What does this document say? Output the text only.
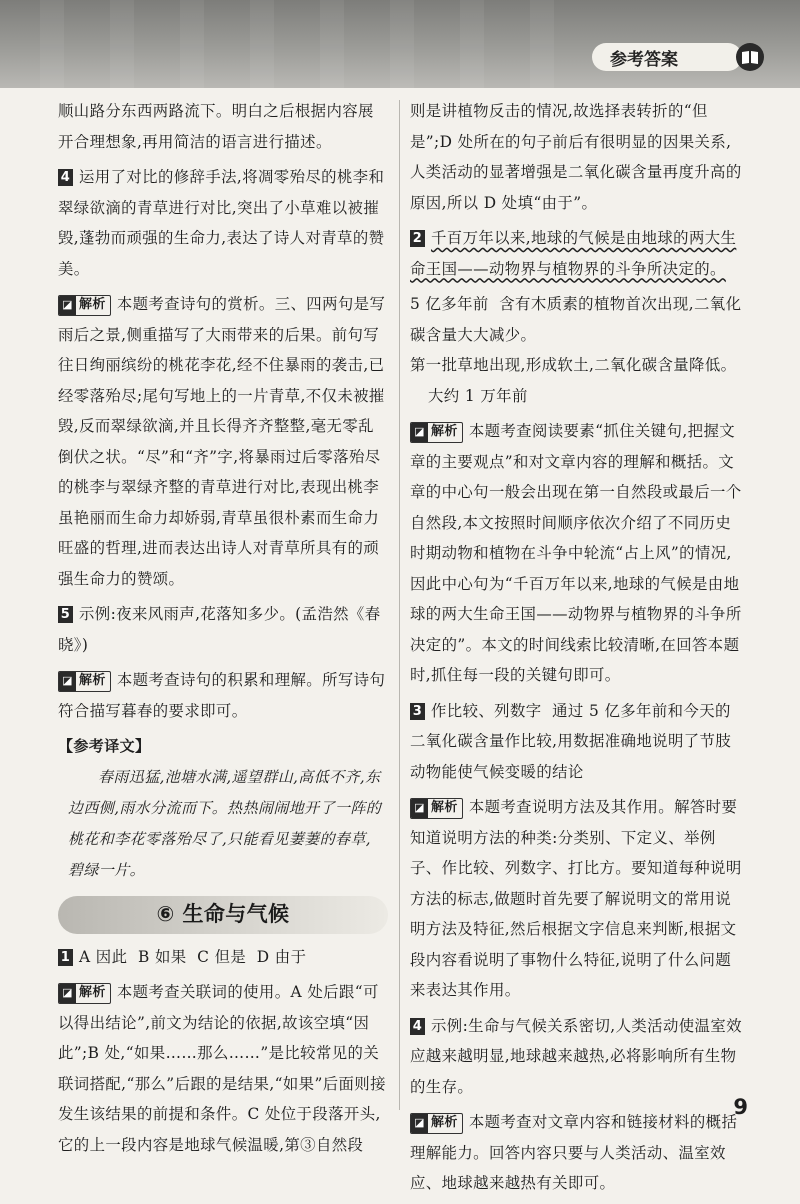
参考答案

顺山路分东西两路流下。明白之后根据内容展开合理想象,再用简洁的语言进行描述。

4 运用了对比的修辞手法,将凋零殆尽的桃李和翠绿欲滴的青草进行对比,突出了小草难以被摧毁,蓬勃而顽强的生命力,表达了诗人对青草的赞美。

◪ 解析 本题考查诗句的赏析。三、四两句是写雨后之景,侧重描写了大雨带来的后果。前句写往日绚丽缤纷的桃花李花,经不住暴雨的袭击,已经零落殆尽;尾句写地上的一片青草,不仅未被摧毁,反而翠绿欲滴,并且长得齐齐整整,毫无零乱倒伏之状。“尽”和“齐”字,将暴雨过后零落殆尽的桃李与翠绿齐整的青草进行对比,表现出桃李虽艳丽而生命力却娇弱,青草虽很朴素而生命力旺盛的哲理,进而表达出诗人对青草所具有的顽强生命力的赞颂。

5 示例:夜来风雨声,花落知多少。(孟浩然《春晓》)

◪ 解析 本题考查诗句的积累和理解。所写诗句符合描写暮春的要求即可。

【参考译文】

春雨迅猛,池塘水满,遥望群山,高低不齐,东边西侧,雨水分流而下。热热闹闹地开了一阵的桃花和李花零落殆尽了,只能看见萋萋的春草,碧绿一片。

⑥ 生命与气候

1 A 因此  B 如果  C 但是  D 由于

◪ 解析 本题考查关联词的使用。A 处后跟“可以得出结论”,前文为结论的依据,故该空填“因此”;B 处,“如果……那么……”是比较常见的关联词搭配,“那么”后跟的是结果,“如果”后面则接发生该结果的前提和条件。C 处位于段落开头,它的上一段内容是地球气候温暖,第③自然段

则是讲植物反击的情况,故选择表转折的“但是”;D 处所在的句子前后有很明显的因果关系,人类活动的显著增强是二氧化碳含量再度升高的原因,所以 D 处填“由于”。

2 千百万年以来,地球的气候是由地球的两大生命王国——动物界与植物界的斗争所决定的。

5 亿多年前  含有木质素的植物首次出现,二氧化碳含量大大减少。

第一批草地出现,形成软土,二氧化碳含量降低。大约 1 万年前

◪ 解析 本题考查阅读要素“抓住关键句,把握文章的主要观点”和对文章内容的理解和概括。文章的中心句一般会出现在第一自然段或最后一个自然段,本文按照时间顺序依次介绍了不同历史时期动物和植物在斗争中轮流“占上风”的情况,因此中心句为“千百万年以来,地球的气候是由地球的两大生命王国——动物界与植物界的斗争所决定的”。本文的时间线索比较清晰,在回答本题时,抓住每一段的关键句即可。

3 作比较、列数字  通过 5 亿多年前和今天的二氧化碳含量作比较,用数据准确地说明了节肢动物能使气候变暖的结论

◪ 解析 本题考查说明方法及其作用。解答时要知道说明方法的种类:分类别、下定义、举例子、作比较、列数字、打比方。要知道每种说明方法的标志,做题时首先要了解说明文的常用说明方法及特征,然后根据文字信息来判断,根据文段内容看说明了事物什么特征,说明了什么问题来表达其作用。

4 示例:生命与气候关系密切,人类活动使温室效应越来越明显,地球越来越热,必将影响所有生物的生存。

◪ 解析 本题考查对文章内容和链接材料的概括理解能力。回答内容只要与人类活动、温室效应、地球越来越热有关即可。

9
